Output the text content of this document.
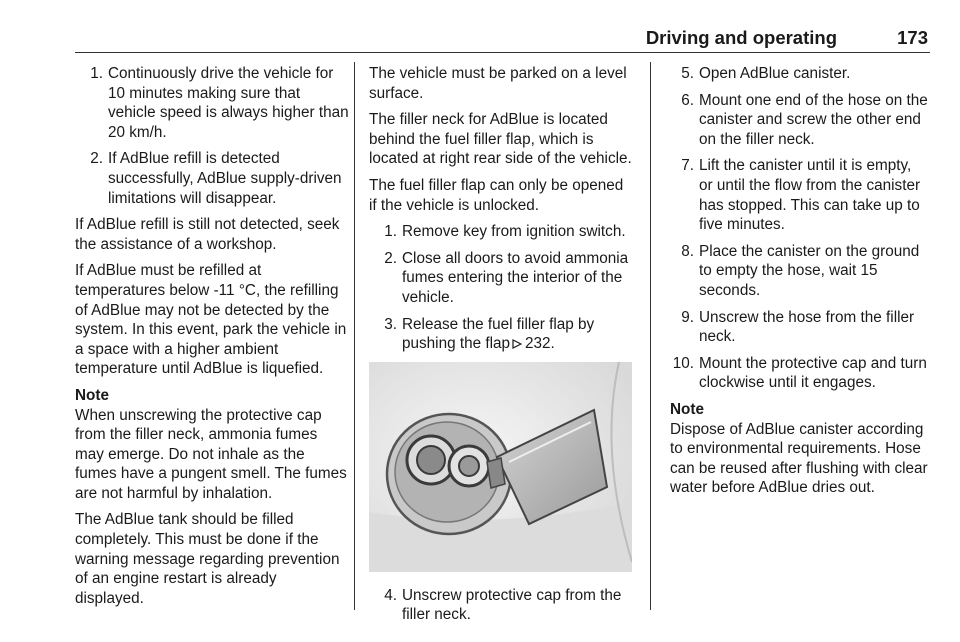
Driving and operating	173
1. Continuously drive the vehicle for 10 minutes making sure that vehicle speed is always higher than 20 km/h.
2. If AdBlue refill is detected successfully, AdBlue supply-driven limitations will disappear.

If AdBlue refill is still not detected, seek the assistance of a workshop.

If AdBlue must be refilled at temperatures below -11 °C, the refilling of AdBlue may not be detected by the system. In this event, park the vehicle in a space with a higher ambient temperature until AdBlue is liquefied.

Note
When unscrewing the protective cap from the filler neck, ammonia fumes may emerge. Do not inhale as the fumes have a pungent smell. The fumes are not harmful by inhalation.

The AdBlue tank should be filled completely. This must be done if the warning message regarding prevention of an engine restart is already displayed.

The vehicle must be parked on a level surface.

The filler neck for AdBlue is located behind the fuel filler flap, which is located at right rear side of the vehicle.

The fuel filler flap can only be opened if the vehicle is unlocked.

1. Remove key from ignition switch.
2. Close all doors to avoid ammonia fumes entering the interior of the vehicle.
3. Release the fuel filler flap by pushing the flap 232.
4. Unscrew protective cap from the filler neck.
5. Open AdBlue canister.
6. Mount one end of the hose on the canister and screw the other end on the filler neck.
7. Lift the canister until it is empty, or until the flow from the canister has stopped. This can take up to five minutes.
8. Place the canister on the ground to empty the hose, wait 15 seconds.
9. Unscrew the hose from the filler neck.
10. Mount the protective cap and turn clockwise until it engages.
Note
Dispose of AdBlue canister according to environmental requirements. Hose can be reused after flushing with clear water before AdBlue dries out.
